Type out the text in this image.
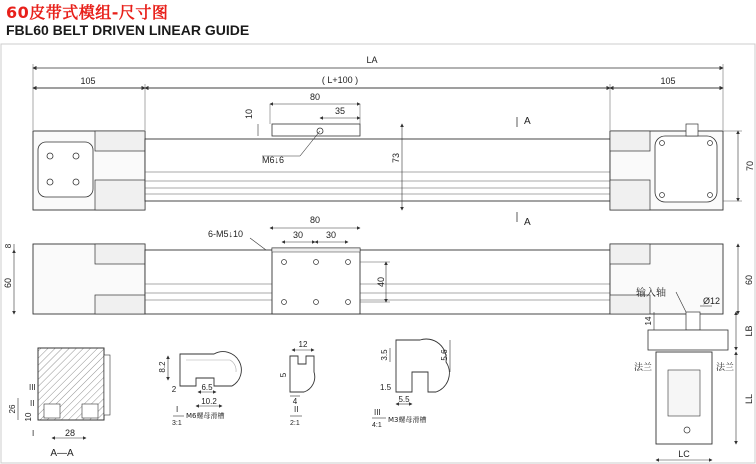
60皮带式模组-尺寸图
FBL60 BELT DRIVEN LINEAR GUIDE
LA
105	( L+100 )	105
80
35
10
M6↓6	73
A
A
70
80
6-M5↓10	30	30
40
8
60	60
输入轴
Ø12
14
LB
法兰	法兰
LL
LC
26
10
III
II
I	28
A—A
8.2
2	6.5
10.2
I
3:1
M6螺母滑槽
12
5
4
II
2:1
3.5	5.6
1.5
5.5
III
4:1
M3螺母滑槽
